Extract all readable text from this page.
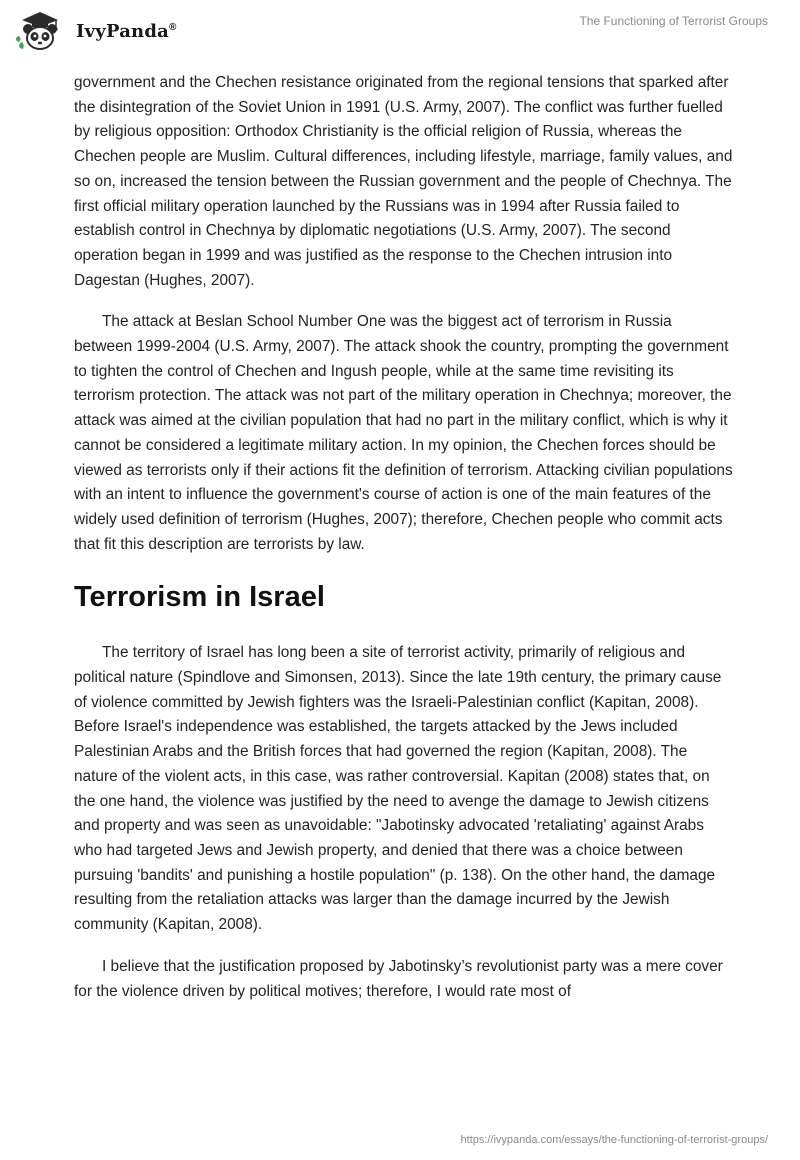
IvyPanda®	The Functioning of Terrorist Groups

government and the Chechen resistance originated from the regional tensions that sparked after the disintegration of the Soviet Union in 1991 (U.S. Army, 2007). The conflict was further fuelled by religious opposition: Orthodox Christianity is the official religion of Russia, whereas the Chechen people are Muslim. Cultural differences, including lifestyle, marriage, family values, and so on, increased the tension between the Russian government and the people of Chechnya. The first official military operation launched by the Russians was in 1994 after Russia failed to establish control in Chechnya by diplomatic negotiations (U.S. Army, 2007). The second operation began in 1999 and was justified as the response to the Chechen intrusion into Dagestan (Hughes, 2007).

The attack at Beslan School Number One was the biggest act of terrorism in Russia between 1999-2004 (U.S. Army, 2007). The attack shook the country, prompting the government to tighten the control of Chechen and Ingush people, while at the same time revisiting its terrorism protection. The attack was not part of the military operation in Chechnya; moreover, the attack was aimed at the civilian population that had no part in the military conflict, which is why it cannot be considered a legitimate military action. In my opinion, the Chechen forces should be viewed as terrorists only if their actions fit the definition of terrorism. Attacking civilian populations with an intent to influence the government's course of action is one of the main features of the widely used definition of terrorism (Hughes, 2007); therefore, Chechen people who commit acts that fit this description are terrorists by law.

Terrorism in Israel

The territory of Israel has long been a site of terrorist activity, primarily of religious and political nature (Spindlove and Simonsen, 2013). Since the late 19th century, the primary cause of violence committed by Jewish fighters was the Israeli-Palestinian conflict (Kapitan, 2008). Before Israel's independence was established, the targets attacked by the Jews included Palestinian Arabs and the British forces that had governed the region (Kapitan, 2008). The nature of the violent acts, in this case, was rather controversial. Kapitan (2008) states that, on the one hand, the violence was justified by the need to avenge the damage to Jewish citizens and property and was seen as unavoidable: "Jabotinsky advocated 'retaliating' against Arabs who had targeted Jews and Jewish property, and denied that there was a choice between pursuing 'bandits' and punishing a hostile population" (p. 138). On the other hand, the damage resulting from the retaliation attacks was larger than the damage incurred by the Jewish community (Kapitan, 2008).

I believe that the justification proposed by Jabotinsky’s revolutionist party was a mere cover for the violence driven by political motives; therefore, I would rate most of

https://ivypanda.com/essays/the-functioning-of-terrorist-groups/
